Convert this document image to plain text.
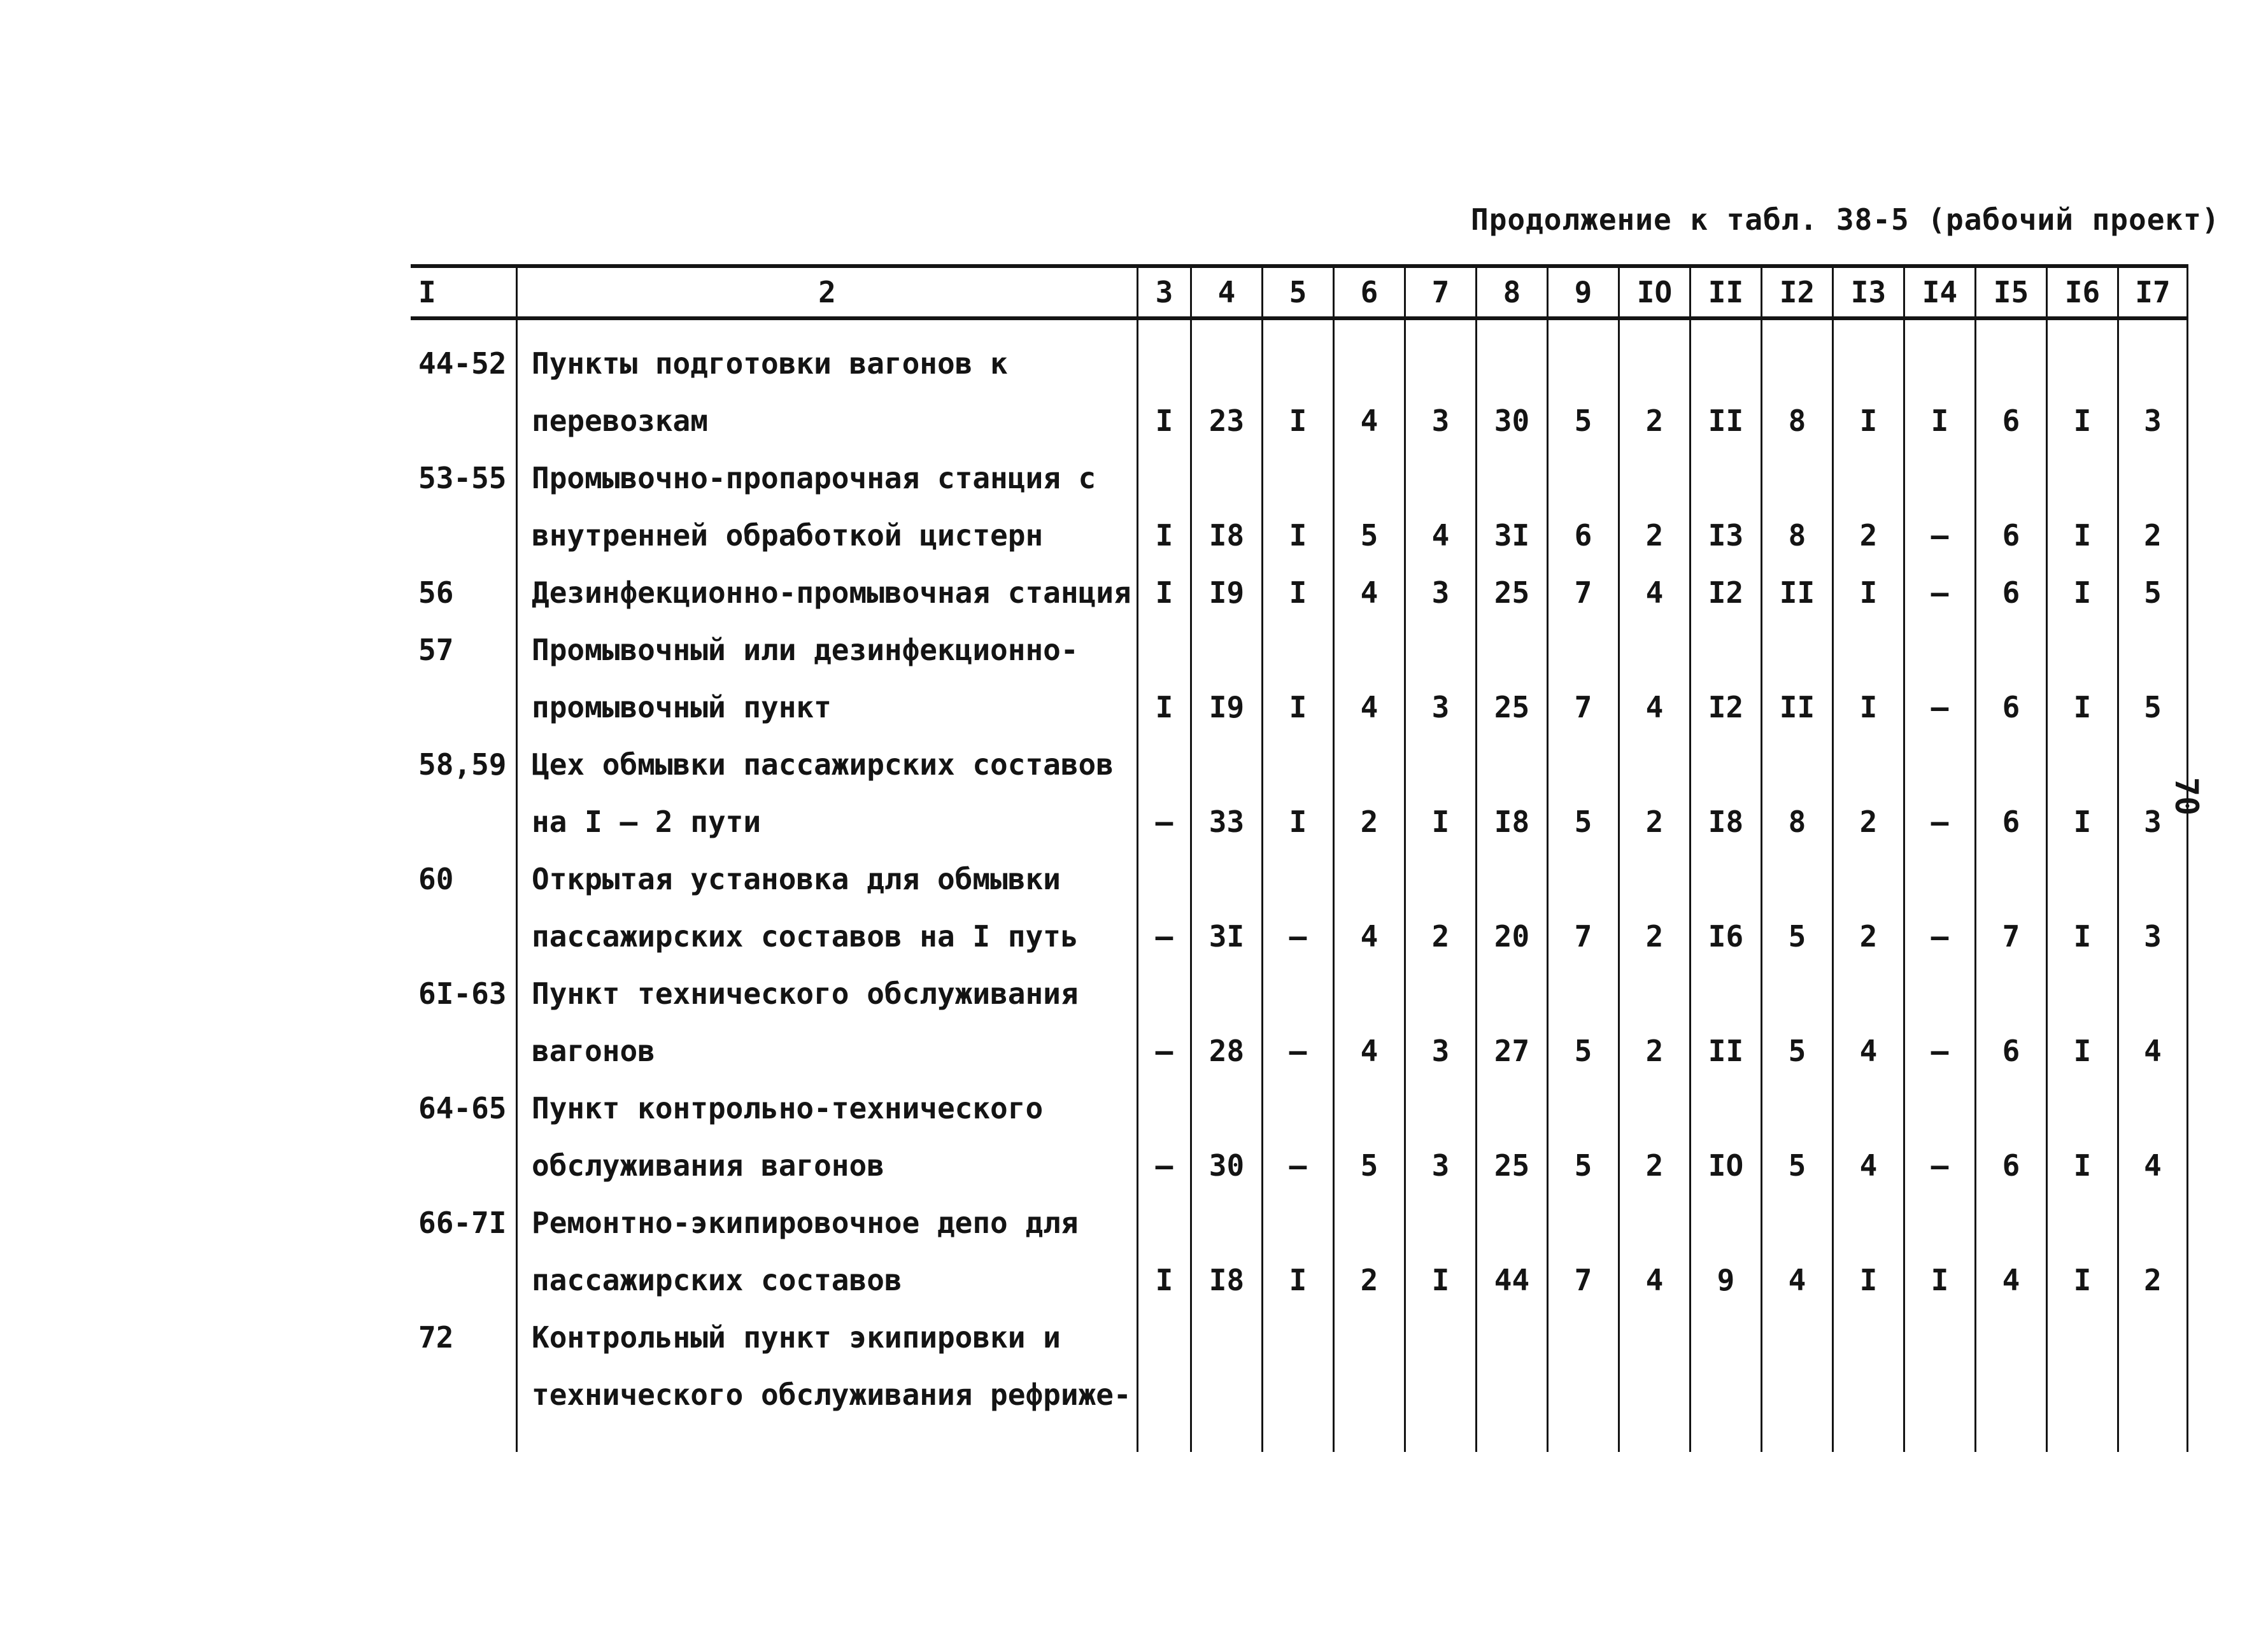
Продолжение к табл. 38-5 (рабочий проект)
70
I	2	3	4	5	6	7	8	9	IO	II	I2	I3	I4	I5	I6	I7
44-52 Пункты подготовки вагонов к
перевозкам	I	23	I	4	3	30	5	2	II	8	I	I	6	I	3
53-55 Промывочно-пропарочная станция с
внутренней обработкой цистерн	I	I8	I	5	4	3I	6	2	I3	8	2	–	6	I	2
56	Дезинфекционно-промывочная станция I	I9	I	4	3	25	7	4	I2	II	I	–	6	I	5
57	Промывочный или дезинфекционно-
промывочный пункт	I	I9	I	4	3	25	7	4	I2	II	I	–	6	I	5
58,59 Цех обмывки пассажирских составов
на I – 2 пути	–	33	I	2	I	I8	5	2	I8	8	2	–	6	I	3
60	Открытая установка для обмывки
пассажирских составов на I путь	–	3I	–	4	2	20	7	2	I6	5	2	–	7	I	3
6I-63 Пункт технического обслуживания
вагонов	–	28	–	4	3	27	5	2	II	5	4	–	6	I	4
64-65 Пункт контрольно-технического
обслуживания вагонов	–	30	–	5	3	25	5	2	IO	5	4	–	6	I	4
66-7I Ремонтно-экипировочное депо для
пассажирских составов	I	I8	I	2	I	44	7	4	9	4	I	I	4	I	2
72	Контрольный пункт экипировки и
технического обслуживания рефриже-
